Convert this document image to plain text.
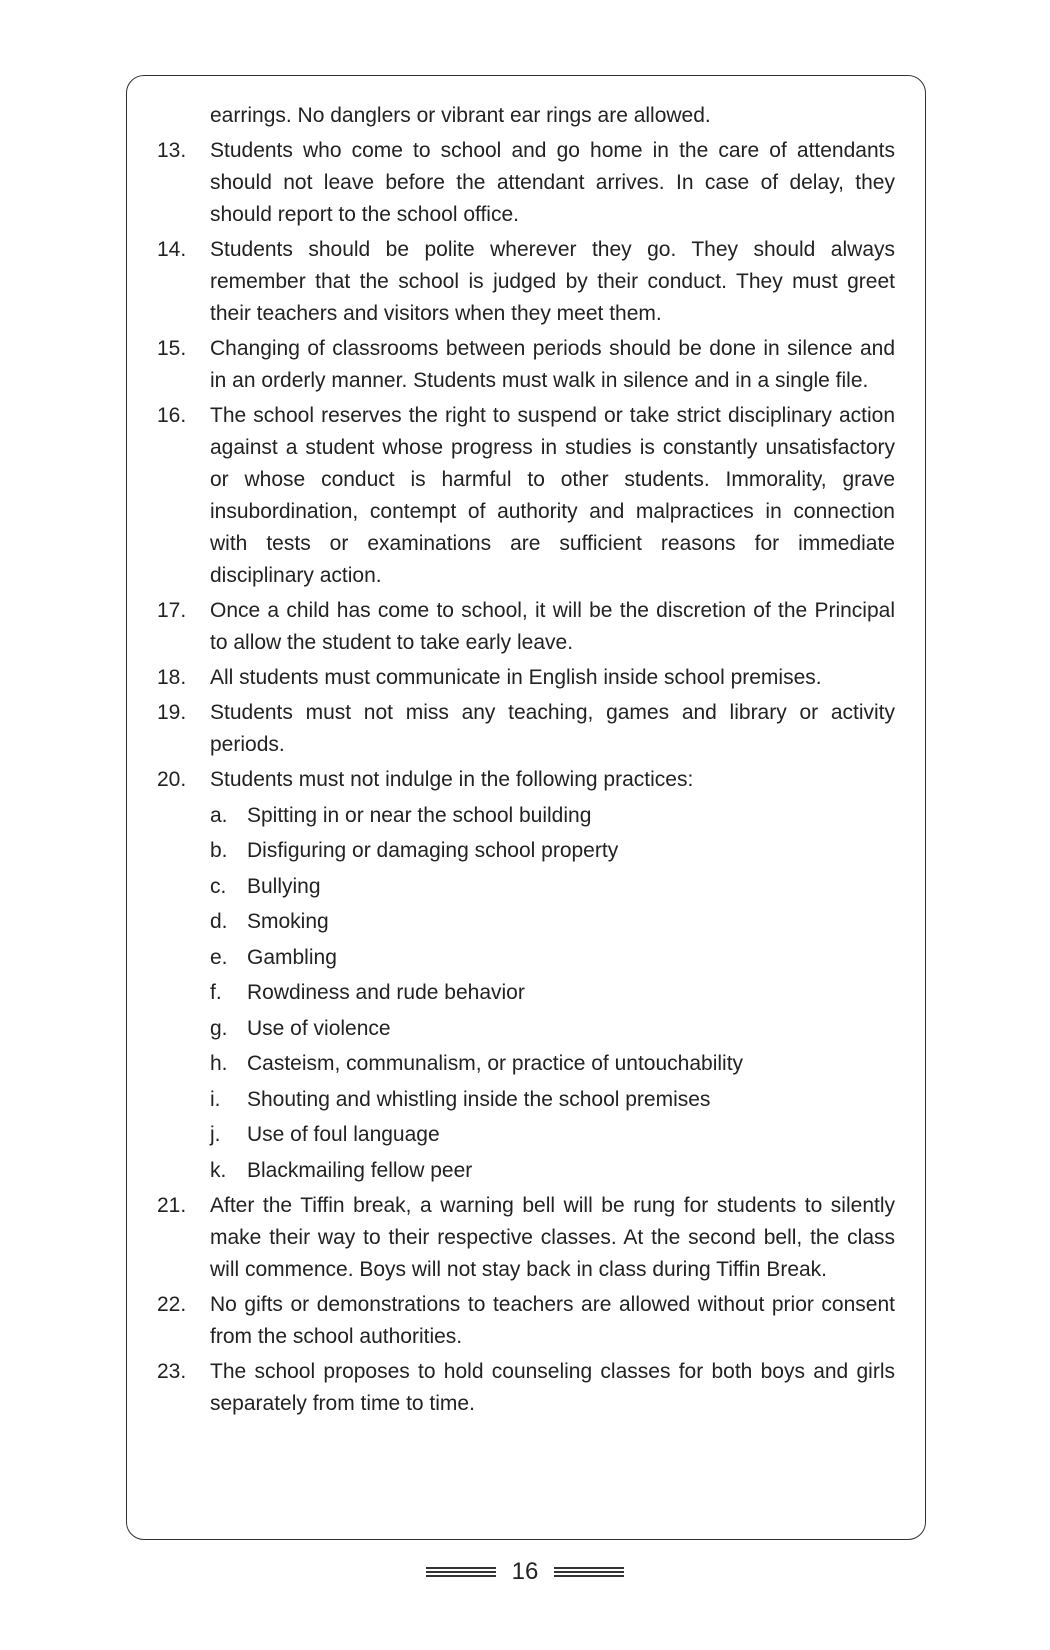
earrings. No danglers or vibrant ear rings are allowed.
13.	Students who come to school and go home in the care of attendants should not leave before the attendant arrives. In case of delay, they should report to the school office.
14.	Students should be polite wherever they go. They should always remember that the school is judged by their conduct. They must greet their teachers and visitors when they meet them.
15.	Changing of classrooms between periods should be done in silence and in an orderly manner. Students must walk in silence and in a single file.
16.	The school reserves the right to suspend or take strict disciplinary action against a student whose progress in studies is constantly unsatisfactory or whose conduct is harmful to other students. Immorality, grave insubordination, contempt of authority and malpractices in connection with tests or examinations are sufficient reasons for immediate disciplinary action.
17.	Once a child has come to school, it will be the discretion of the Principal to allow the student to take early leave.
18.	All students must communicate in English inside school premises.
19.	Students must not miss any teaching, games and library or activity periods.
20.	Students must not indulge in the following practices:
a. Spitting in or near the school building
b. Disfiguring or damaging school property
c. Bullying
d. Smoking
e. Gambling
f.	Rowdiness and rude behavior
g. Use of violence
h. Casteism, communalism, or practice of untouchability
i.	Shouting and whistling inside the school premises
j.	Use of foul language
k. Blackmailing fellow peer
21.	After the Tiffin break, a warning bell will be rung for students to silently make their way to their respective classes. At the second bell, the class will commence. Boys will not stay back in class during Tiffin Break.
22.	No gifts or demonstrations to teachers are allowed without prior consent from the school authorities.
23.	The school proposes to hold counseling classes for both boys and girls separately from time to time.
16
